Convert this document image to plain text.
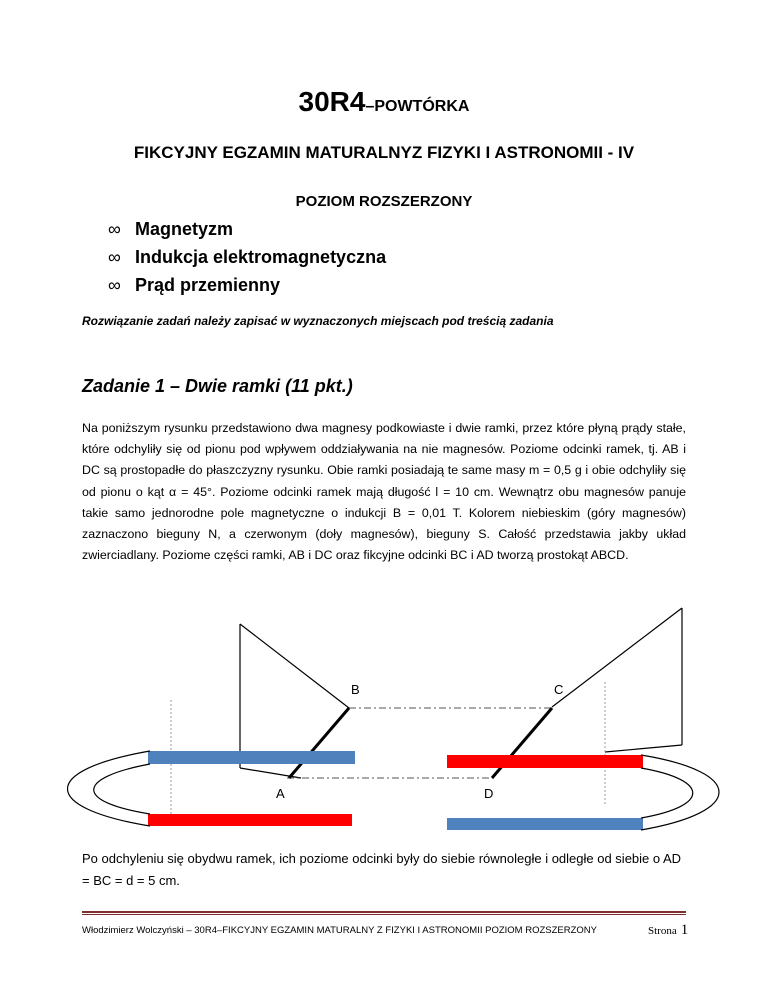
30R4–POWTÓRKA
FIKCYJNY EGZAMIN MATURALNYZ FIZYKI I ASTRONOMII - IV
POZIOM ROZSZERZONY
∞ Magnetyzm
∞ Indukcja elektromagnetyczna
∞ Prąd przemienny
Rozwiązanie zadań należy zapisać w wyznaczonych miejscach pod treścią zadania
Zadanie 1 – Dwie ramki (11 pkt.)
Na poniższym rysunku przedstawiono dwa magnesy podkowiaste i dwie ramki, przez które płyną prądy stałe, które odchyliły się od pionu pod wpływem oddziaływania na nie magnesów. Poziome odcinki ramek, tj. AB i DC są prostopadłe do płaszczyzny rysunku. Obie ramki posiadają te same masy m = 0,5 g i obie odchyliły się od pionu o kąt α = 45°. Poziome odcinki ramek mają długość l = 10 cm. Wewnątrz obu magnesów panuje takie samo jednorodne pole magnetyczne o indukcji B = 0,01 T. Kolorem niebieskim (góry magnesów) zaznaczono bieguny N, a czerwonym (doły magnesów), bieguny S. Całość przedstawia jakby układ zwierciadlany. Poziome części ramki, AB i DC oraz fikcyjne odcinki BC i AD tworzą prostokąt ABCD.
B	C
A	D
Po odchyleniu się obydwu ramek, ich poziome odcinki były do siebie równoległe i odległe od siebie o AD = BC = d = 5 cm.
Włodzimierz Wolczyński – 30R4–FIKCYJNY EGZAMIN MATURALNY Z FIZYKI I ASTRONOMII POZIOM ROZSZERZONY	Strona 1
